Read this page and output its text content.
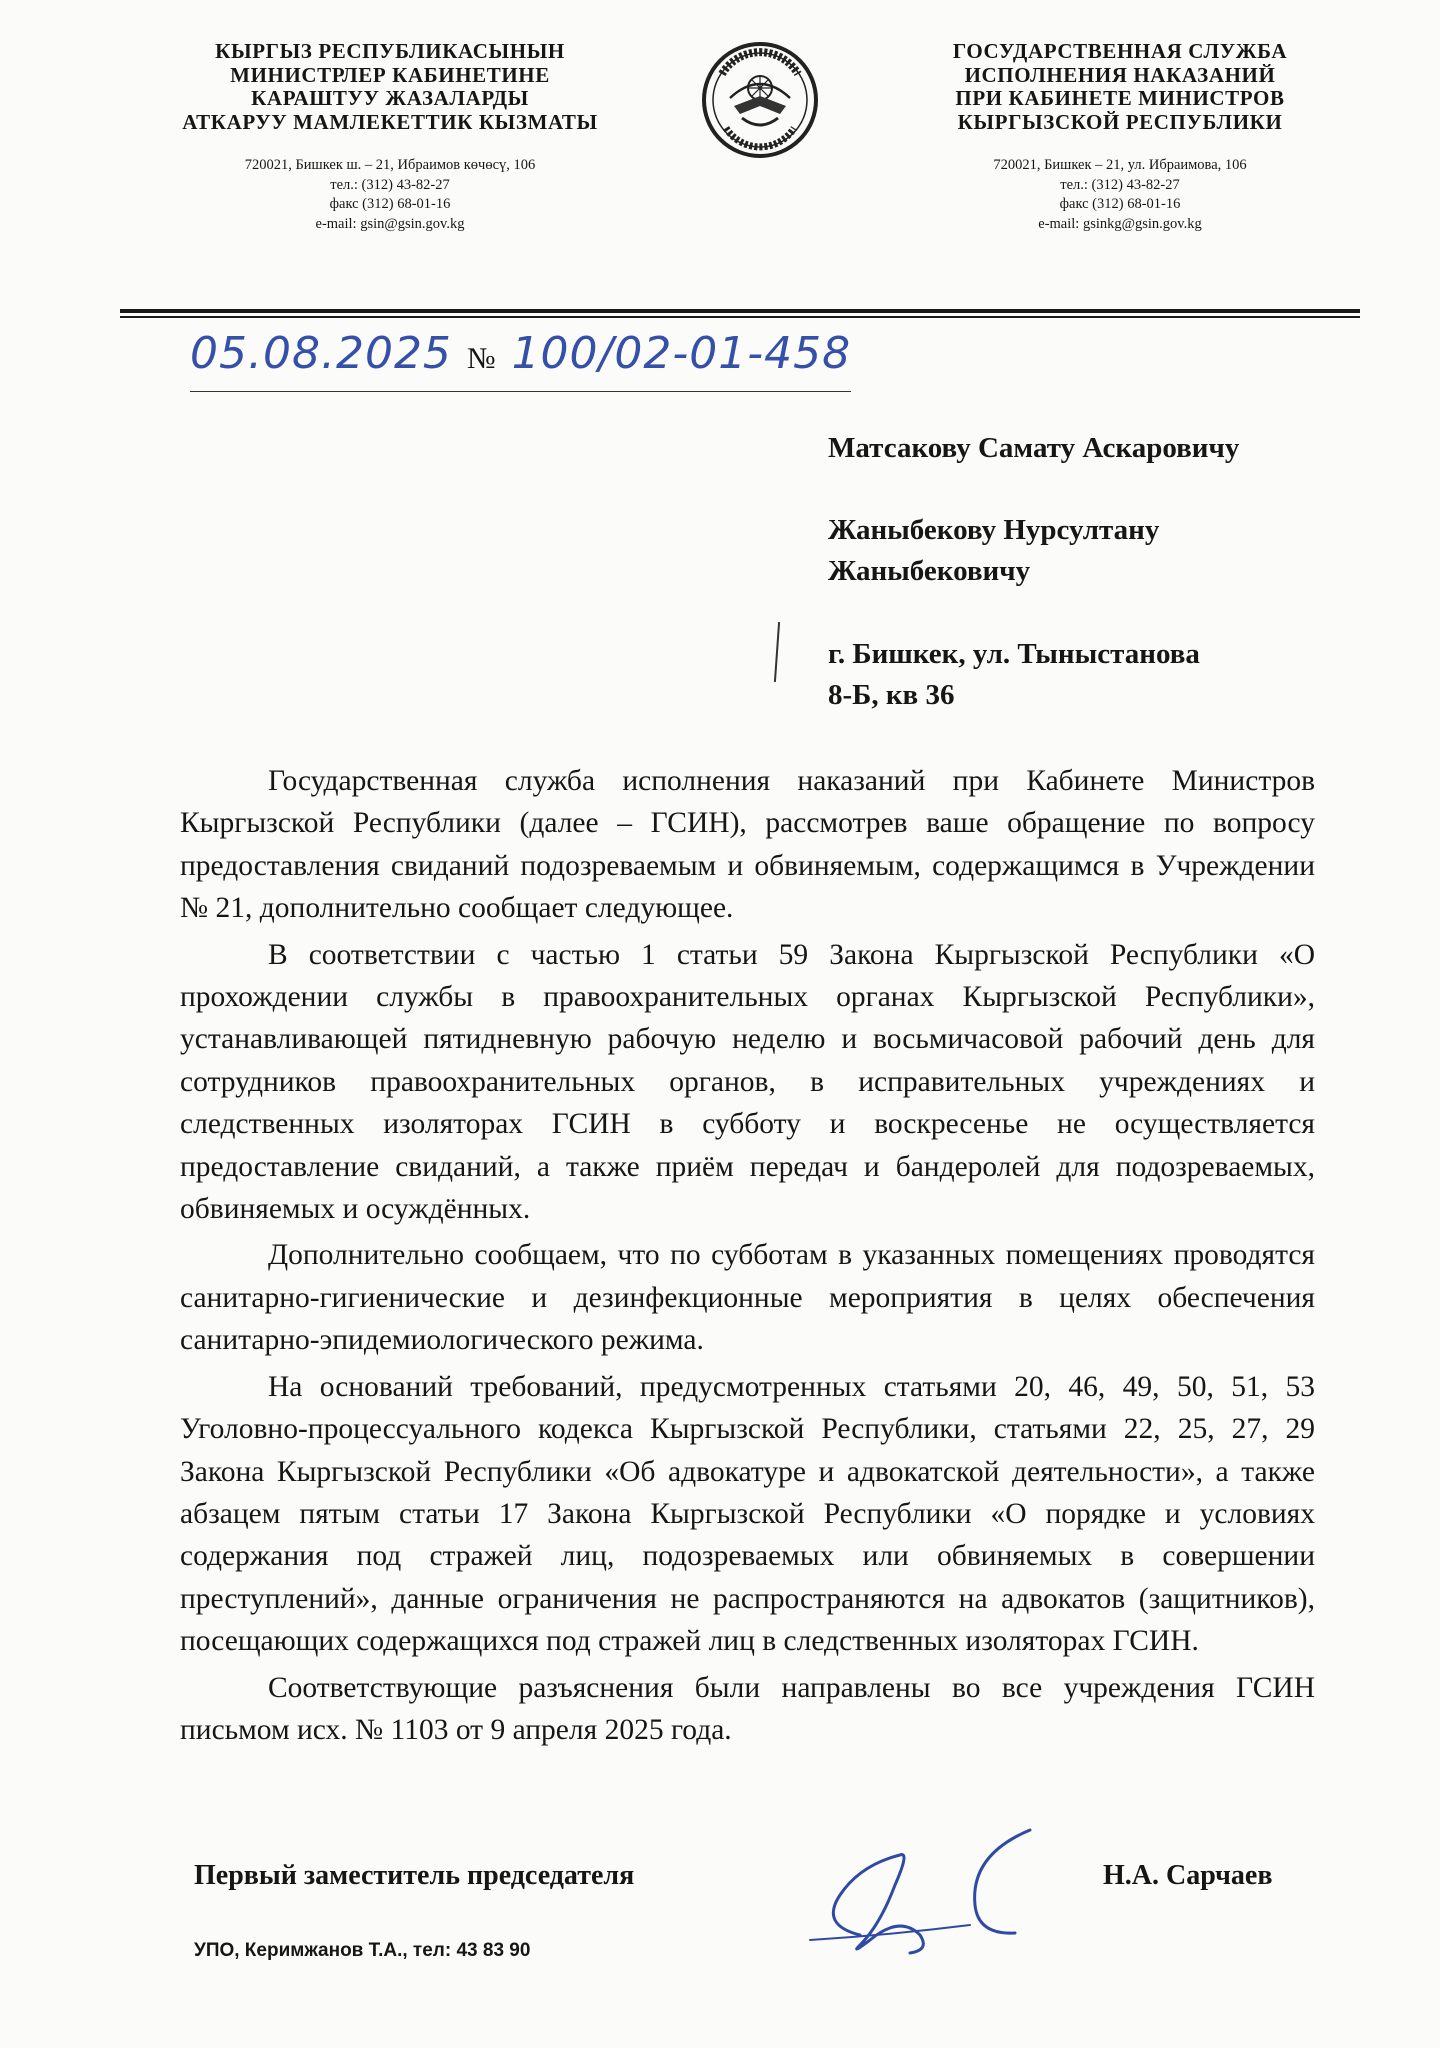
КЫРГЫЗ РЕСПУБЛИКАСЫНЫН
МИНИСТРЛЕР КАБИНЕТИНЕ
КАРАШТУУ ЖАЗАЛАРДЫ
АТКАРУУ МАМЛЕКЕТТИК КЫЗМАТЫ
720021, Бишкек ш. – 21, Ибраимов көчөсү, 106
тел.: (312) 43-82-27
факс (312) 68-01-16
e-mail: gsin@gsin.gov.kg
ГОСУДАРСТВЕННАЯ СЛУЖБА
ИСПОЛНЕНИЯ НАКАЗАНИЙ
ПРИ КАБИНЕТЕ МИНИСТРОВ
КЫРГЫЗСКОЙ РЕСПУБЛИКИ
720021, Бишкек – 21, ул. Ибраимова, 106
тел.: (312) 43-82-27
факс (312) 68-01-16
e-mail: gsinkg@gsin.gov.kg
05.08.2025 № 100/02-01-458
Матсакову Самату Аскаровичу
Жаныбекову Нурсултану
Жаныбековичу
г. Бишкек, ул. Тыныстанова
8-Б, кв 36

Государственная служба исполнения наказаний при Кабинете Министров Кыргызской Республики (далее – ГСИН), рассмотрев ваше обращение по вопросу предоставления свиданий подозреваемым и обвиняемым, содержащимся в Учреждении № 21, дополнительно сообщает следующее.

В соответствии с частью 1 статьи 59 Закона Кыргызской Республики «О прохождении службы в правоохранительных органах Кыргызской Республики», устанавливающей пятидневную рабочую неделю и восьмичасовой рабочий день для сотрудников правоохранительных органов, в исправительных учреждениях и следственных изоляторах ГСИН в субботу и воскресенье не осуществляется предоставление свиданий, а также приём передач и бандеролей для подозреваемых, обвиняемых и осуждённых.

Дополнительно сообщаем, что по субботам в указанных помещениях проводятся санитарно-гигиенические и дезинфекционные мероприятия в целях обеспечения санитарно-эпидемиологического режима.

На оснований требований, предусмотренных статьями 20, 46, 49, 50, 51, 53 Уголовно-процессуального кодекса Кыргызской Республики, статьями 22, 25, 27, 29 Закона Кыргызской Республики «Об адвокатуре и адвокатской деятельности», а также абзацем пятым статьи 17 Закона Кыргызской Республики «О порядке и условиях содержания под стражей лиц, подозреваемых или обвиняемых в совершении преступлений», данные ограничения не распространяются на адвокатов (защитников), посещающих содержащихся под стражей лиц в следственных изоляторах ГСИН.

Соответствующие разъяснения были направлены во все учреждения ГСИН письмом исх. № 1103 от 9 апреля 2025 года.

Первый заместитель председателя	Н.А. Сарчаев
УПО, Керимжанов Т.А., тел: 43 83 90
